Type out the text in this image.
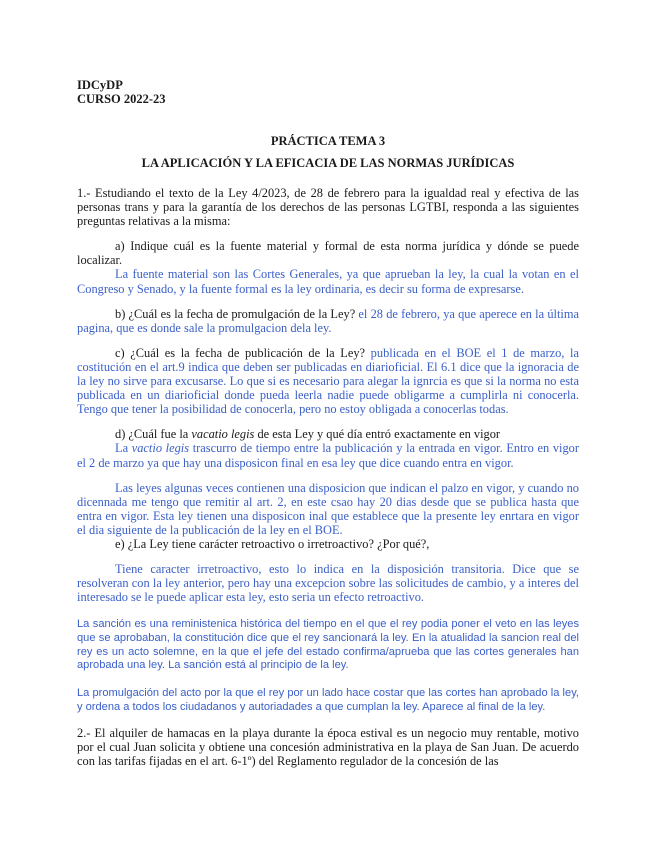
IDCyDP
CURSO 2022-23
PRÁCTICA TEMA 3
LA APLICACIÓN Y LA EFICACIA DE LAS NORMAS JURÍDICAS

1.- Estudiando el texto de la Ley 4/2023, de 28 de febrero para la igualdad real y efectiva de las personas trans y para la garantía de los derechos de las personas LGTBI, responda a las siguientes preguntas relativas a la misma:

a) Indique cuál es la fuente material y formal de esta norma jurídica y dónde se puede localizar.

La fuente material son las Cortes Generales, ya que aprueban la ley, la cual la votan en el Congreso y Senado, y la fuente formal es la ley ordinaria, es decir su forma de expresarse.

b) ¿Cuál es la fecha de promulgación de la Ley? el 28 de febrero, ya que aperece en la última pagina, que es donde sale la promulgacion dela ley.

c) ¿Cuál es la fecha de publicación de la Ley? publicada en el BOE el 1 de marzo, la costitución en el art.9 indica que deben ser publicadas en diarioficial. El 6.1 dice que la ignoracia de la ley no sirve para excusarse. Lo que si es necesario para alegar la ignrcia es que si la norma no esta publicada en un diarioficial donde pueda leerla nadie puede obligarme a cumplirla ni conocerla. Tengo que tener la posibilidad de conocerla, pero no estoy obligada a conocerlas todas.

d) ¿Cuál fue la vacatio legis de esta Ley y qué día entró exactamente en vigor

La vactio legis trascurro de tiempo entre la publicación y la entrada en vigor. Entro en vigor el 2 de marzo ya que hay una disposicon final en esa ley que dice cuando entra en vigor.

Las leyes algunas veces contienen una disposicion que indican el palzo en vigor, y cuando no dicennada me tengo que remitir al art. 2, en este csao hay 20 dias desde que se publica hasta que entra en vigor. Esta ley tienen una disposicon inal que establece que la presente ley enrtara en vigor el dia siguiente de la publicación de la ley en el BOE.

e) ¿La Ley tiene carácter retroactivo o irretroactivo? ¿Por qué?,

Tiene caracter irretroactivo, esto lo indica en la disposición transitoria. Dice que se resolveran con la ley anterior, pero hay una excepcion sobre las solicitudes de cambio, y a interes del interesado se le puede aplicar esta ley, esto seria un efecto retroactivo.

La sanción es una reministenica histórica del tiempo en el que el rey podia poner el veto en las leyes que se aprobaban, la constitución dice que el rey sancionará la ley. En la atualidad la sancion real del rey es un acto solemne, en la que el jefe del estado confirma/aprueba que las cortes generales han aprobada una ley. La sanción está al principio de la ley.

La promulgación del acto por la que el rey por un lado hace costar que las cortes han aprobado la ley, y ordena a todos los ciudadanos y autoriadades a que cumplan la ley. Aparece al final de la ley.

2.- El alquiler de hamacas en la playa durante la época estival es un negocio muy rentable, motivo por el cual Juan solicita y obtiene una concesión administrativa en la playa de San Juan. De acuerdo con las tarifas fijadas en el art. 6-1º) del Reglamento regulador de la concesión de las
